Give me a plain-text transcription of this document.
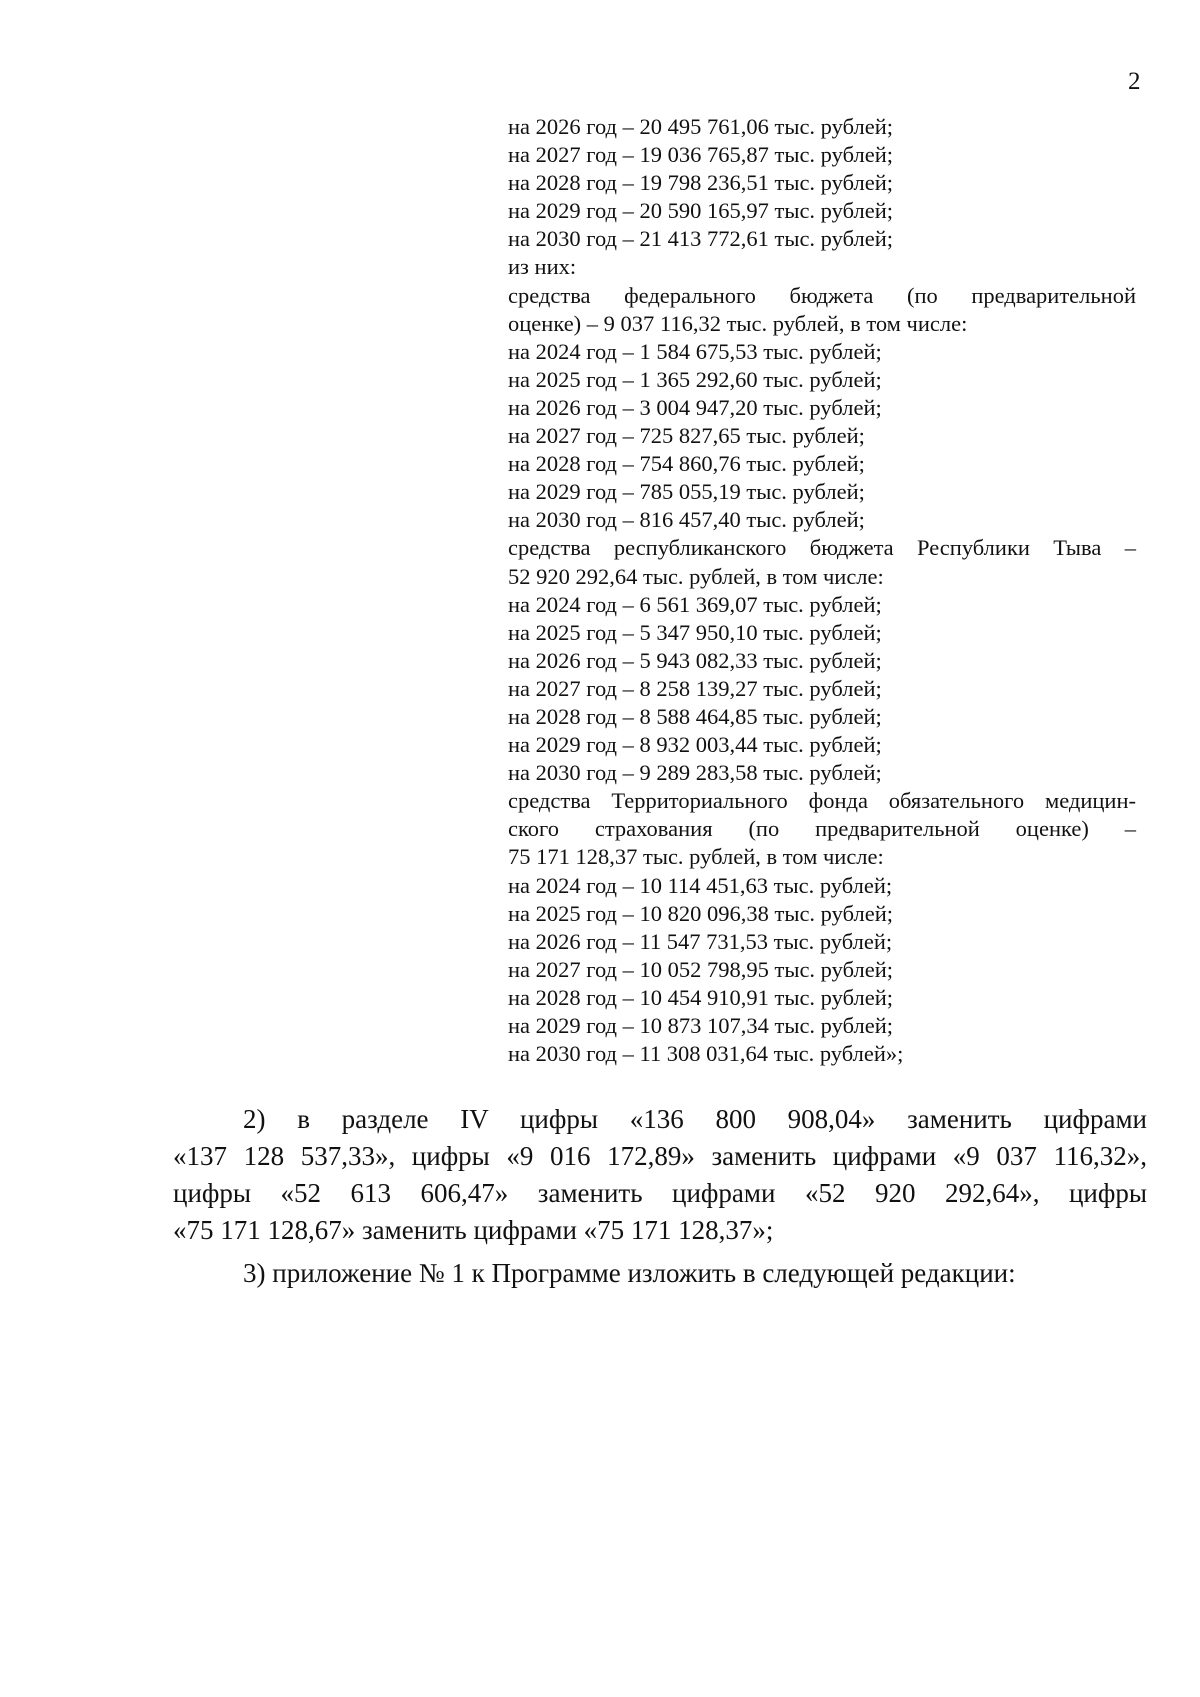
2
на 2026 год – 20 495 761,06 тыс. рублей;
на 2027 год – 19 036 765,87 тыс. рублей;
на 2028 год – 19 798 236,51 тыс. рублей;
на 2029 год – 20 590 165,97 тыс. рублей;
на 2030 год – 21 413 772,61 тыс. рублей;
из них:
средства федерального бюджета (по предварительной
оценке) – 9 037 116,32 тыс. рублей, в том числе:
на 2024 год – 1 584 675,53 тыс. рублей;
на 2025 год – 1 365 292,60 тыс. рублей;
на 2026 год – 3 004 947,20 тыс. рублей;
на 2027 год – 725 827,65 тыс. рублей;
на 2028 год – 754 860,76 тыс. рублей;
на 2029 год – 785 055,19 тыс. рублей;
на 2030 год – 816 457,40 тыс. рублей;
средства республиканского бюджета Республики Тыва –
52 920 292,64 тыс. рублей, в том числе:
на 2024 год – 6 561 369,07 тыс. рублей;
на 2025 год – 5 347 950,10 тыс. рублей;
на 2026 год – 5 943 082,33 тыс. рублей;
на 2027 год – 8 258 139,27 тыс. рублей;
на 2028 год – 8 588 464,85 тыс. рублей;
на 2029 год – 8 932 003,44 тыс. рублей;
на 2030 год – 9 289 283,58 тыс. рублей;
средства Территориального фонда обязательного медицин-
ского страхования (по предварительной оценке) –
75 171 128,37 тыс. рублей, в том числе:
на 2024 год – 10 114 451,63 тыс. рублей;
на 2025 год – 10 820 096,38 тыс. рублей;
на 2026 год – 11 547 731,53 тыс. рублей;
на 2027 год – 10 052 798,95 тыс. рублей;
на 2028 год – 10 454 910,91 тыс. рублей;
на 2029 год – 10 873 107,34 тыс. рублей;
на 2030 год – 11 308 031,64 тыс. рублей»;
2) в разделе IV цифры «136 800 908,04» заменить цифрами
«137 128 537,33», цифры «9 016 172,89» заменить цифрами «9 037 116,32»,
цифры «52 613 606,47» заменить цифрами «52 920 292,64», цифры
«75 171 128,67» заменить цифрами «75 171 128,37»;
3) приложение № 1 к Программе изложить в следующей редакции:
